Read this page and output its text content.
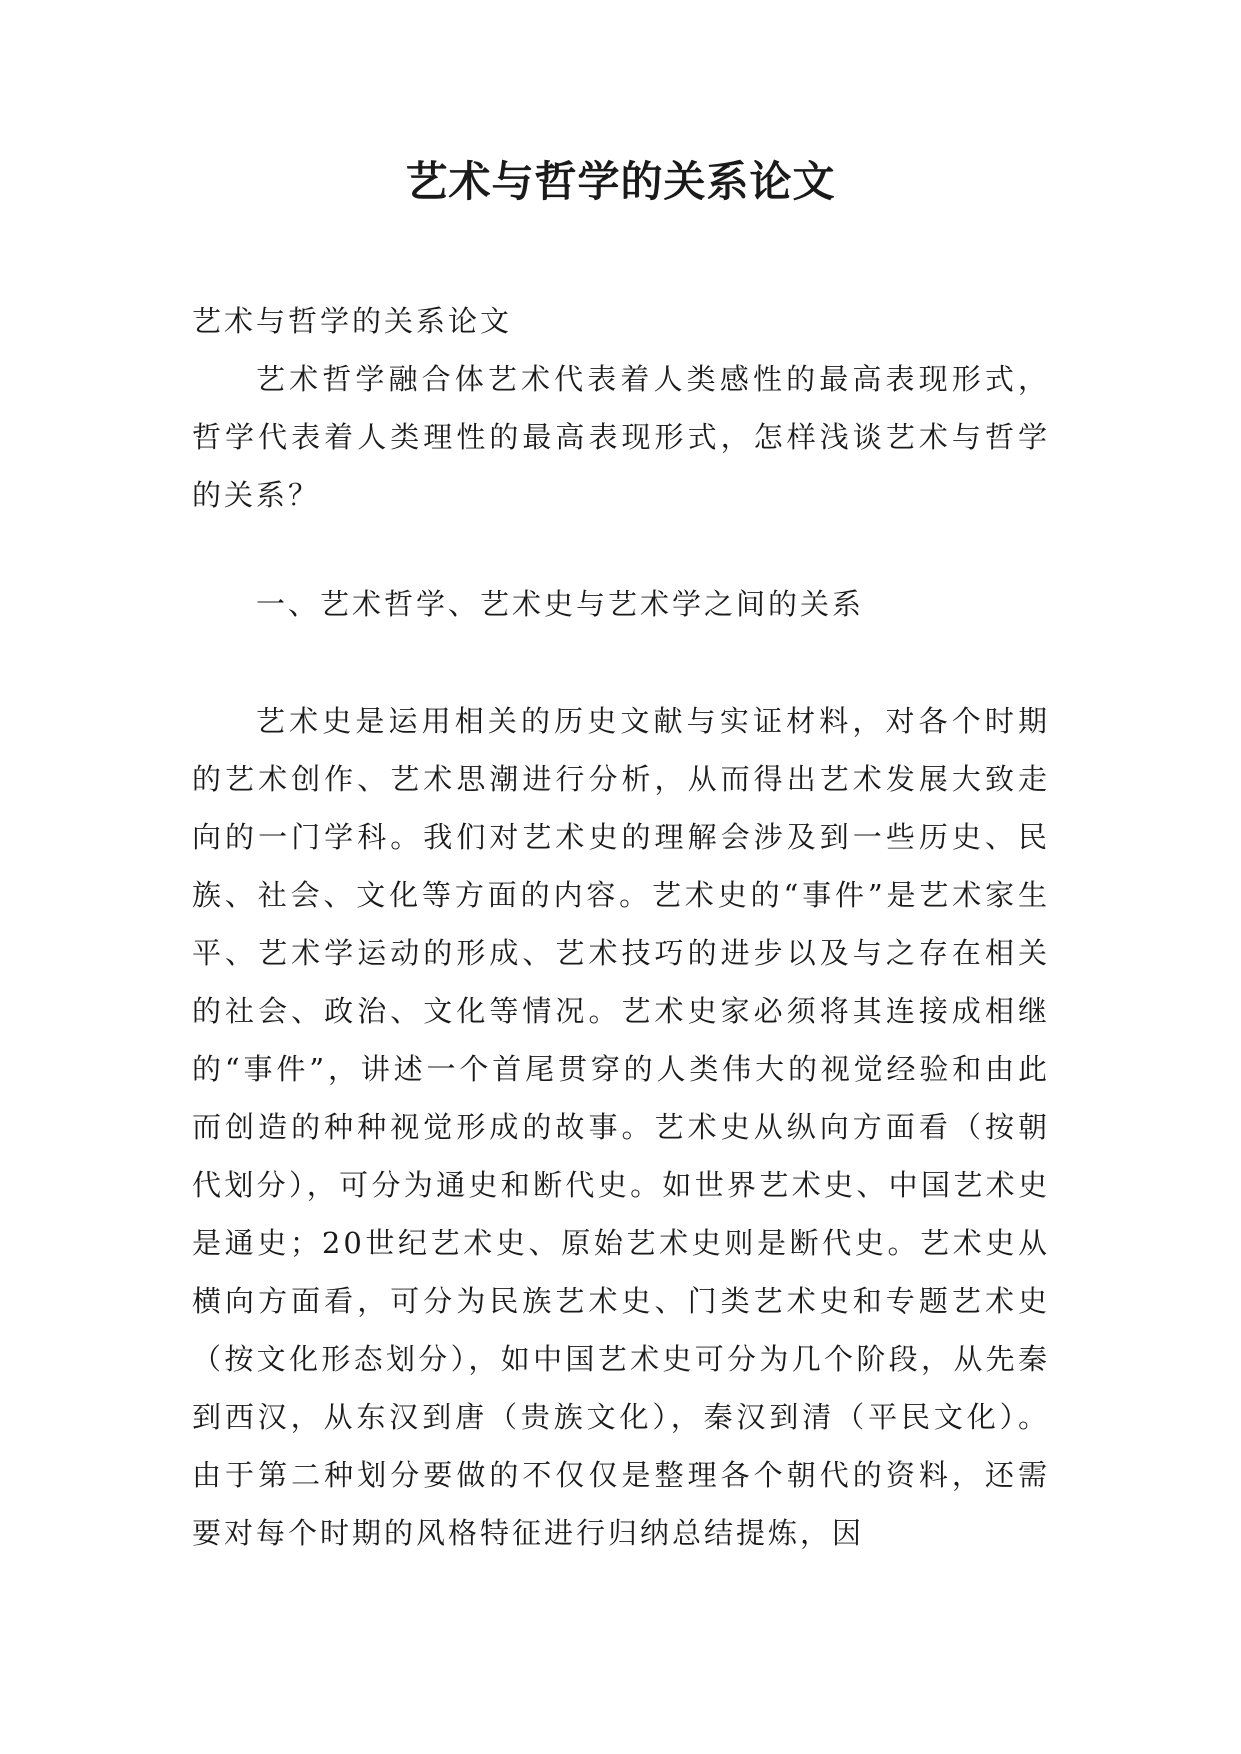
艺术与哲学的关系论文

艺术与哲学的关系论文

艺术哲学融合体艺术代表着人类感性的最高表现形式，哲学代表着人类理性的最高表现形式，怎样浅谈艺术与哲学的关系？

一、艺术哲学、艺术史与艺术学之间的关系

艺术史是运用相关的历史文献与实证材料，对各个时期的艺术创作、艺术思潮进行分析，从而得出艺术发展大致走向的一门学科。我们对艺术史的理解会涉及到一些历史、民族、社会、文化等方面的内容。艺术史的“事件”是艺术家生平、艺术学运动的形成、艺术技巧的进步以及与之存在相关的社会、政治、文化等情况。艺术史家必须将其连接成相继的“事件”，讲述一个首尾贯穿的人类伟大的视觉经验和由此而创造的种种视觉形成的故事。艺术史从纵向方面看（按朝代划分），可分为通史和断代史。如世界艺术史、中国艺术史是通史；20世纪艺术史、原始艺术史则是断代史。艺术史从横向方面看，可分为民族艺术史、门类艺术史和专题艺术史（按文化形态划分），如中国艺术史可分为几个阶段，从先秦到西汉，从东汉到唐（贵族文化），秦汉到清（平民文化）。由于第二种划分要做的不仅仅是整理各个朝代的资料，还需要对每个时期的风格特征进行归纳总结提炼，因
